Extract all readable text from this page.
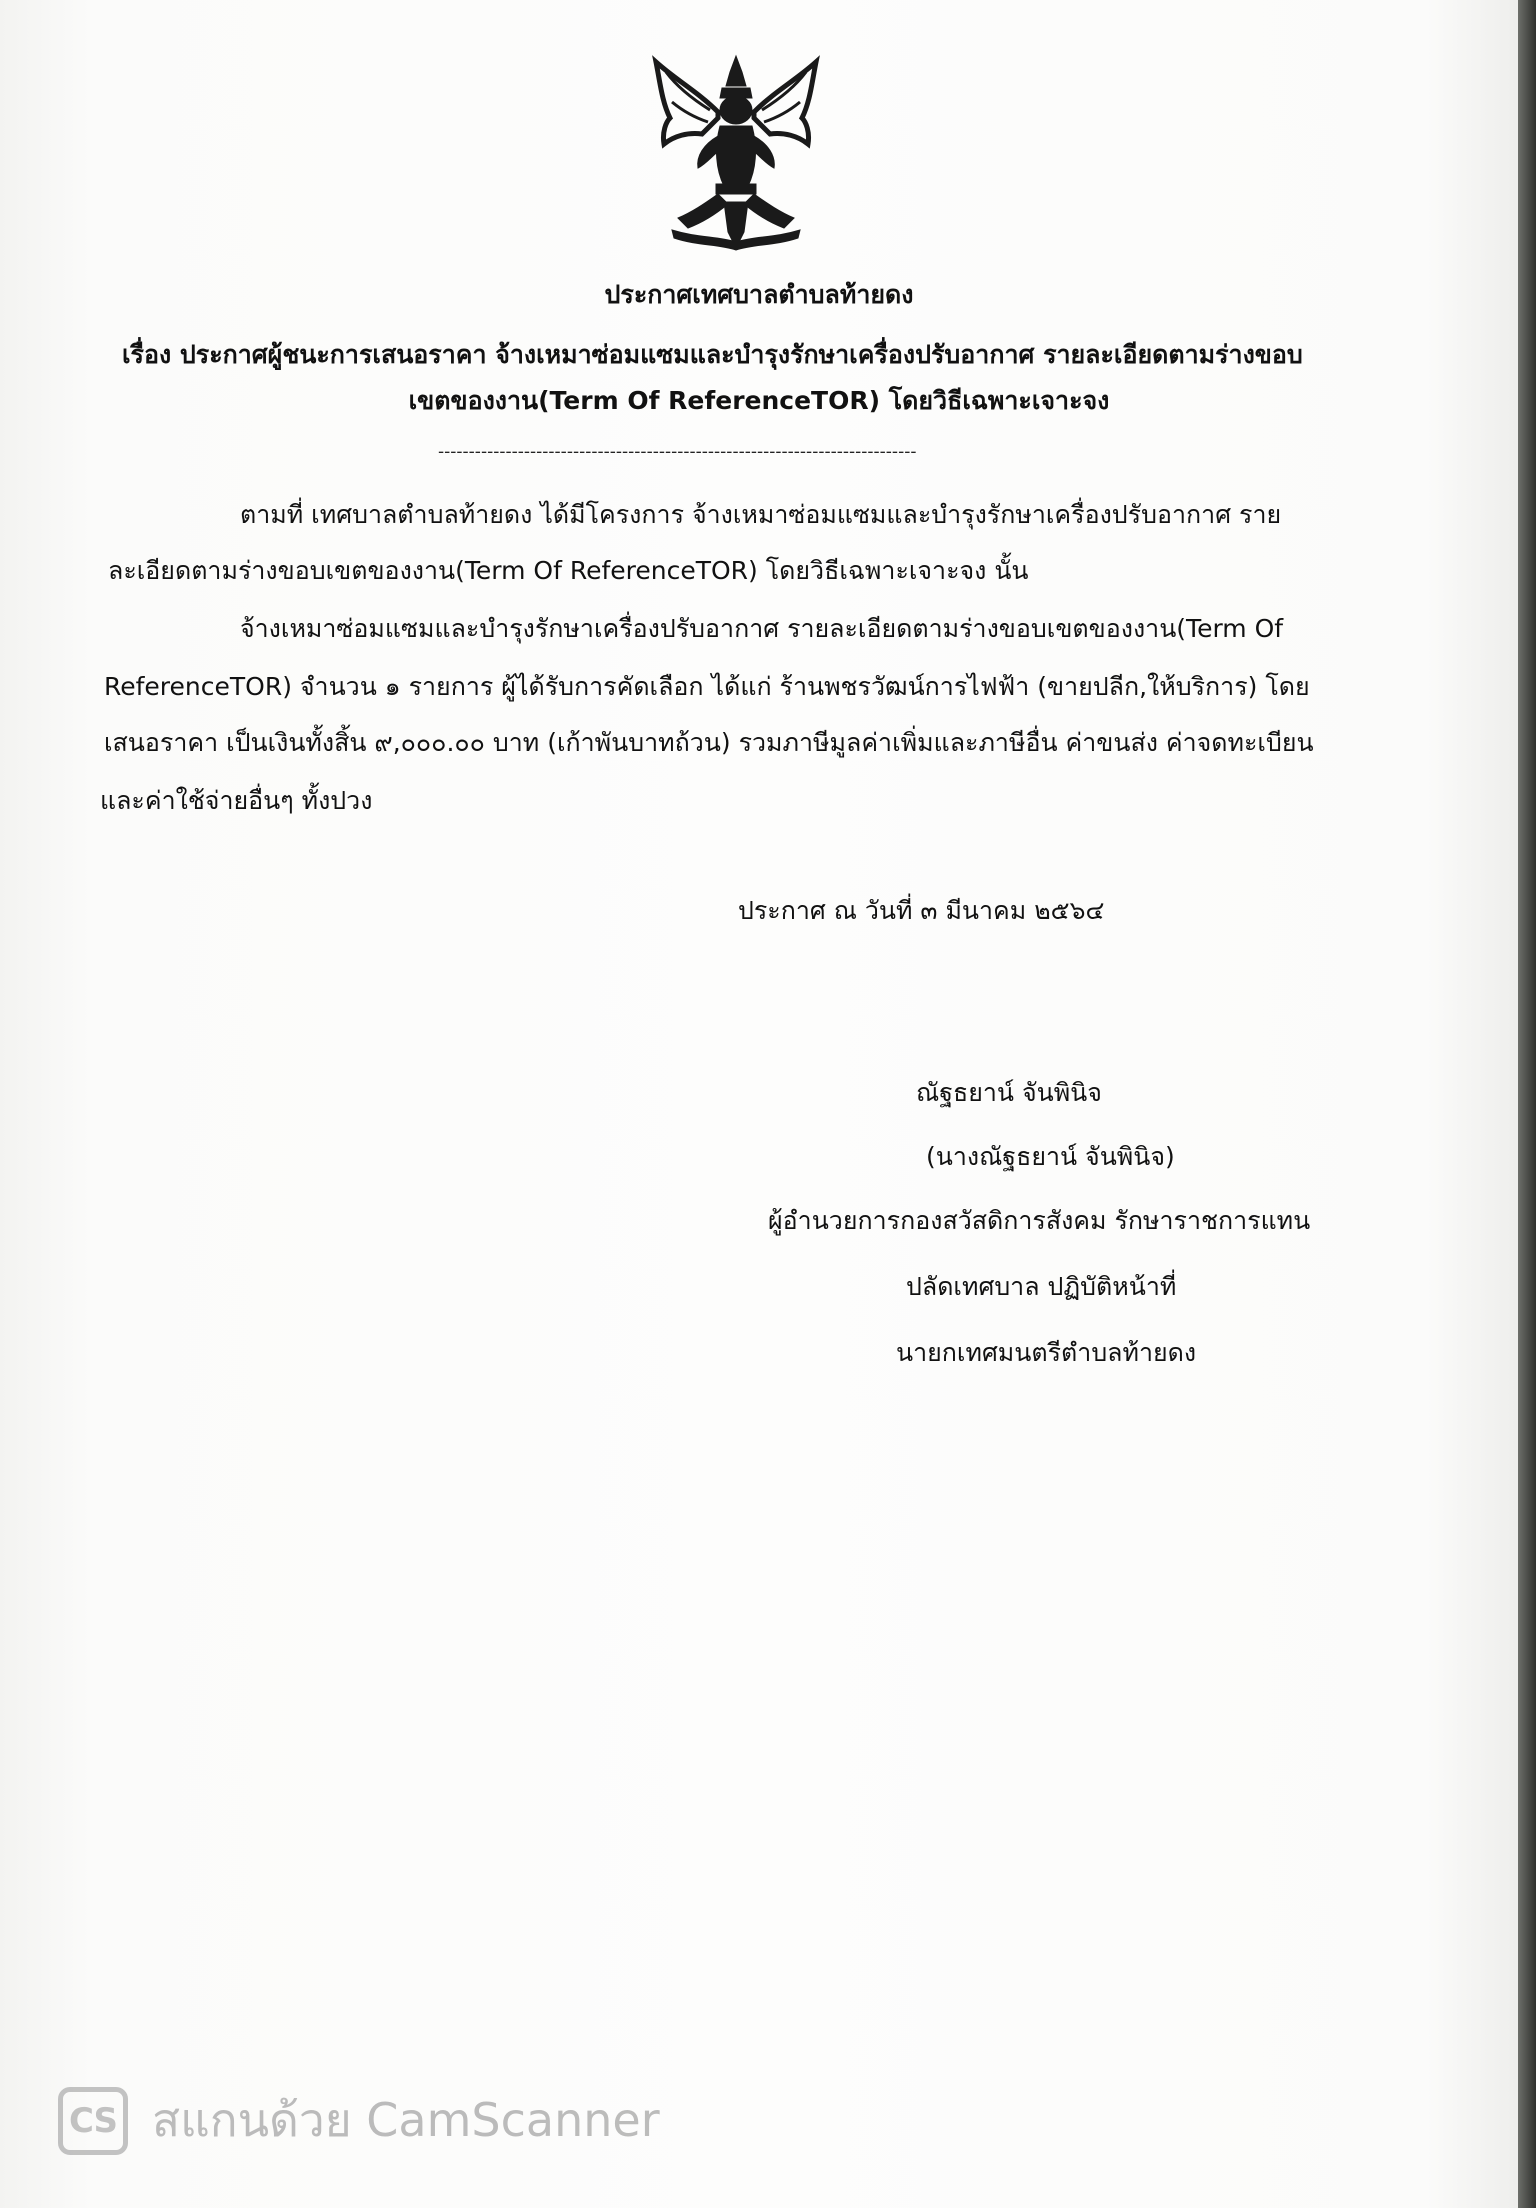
ประกาศเทศบาลตำบลท้ายดง
เรื่อง ประกาศผู้ชนะการเสนอราคา จ้างเหมาซ่อมแซมและบำรุงรักษาเครื่องปรับอากาศ รายละเอียดตามร่างขอบ
เขตของงาน(Term Of ReferenceTOR) โดยวิธีเฉพาะเจาะจง
------------------------------------------------------------------------------
ตามที่ เทศบาลตำบลท้ายดง ได้มีโครงการ จ้างเหมาซ่อมแซมและบำรุงรักษาเครื่องปรับอากาศ ราย
ละเอียดตามร่างขอบเขตของงาน(Term Of ReferenceTOR) โดยวิธีเฉพาะเจาะจง นั้น
จ้างเหมาซ่อมแซมและบำรุงรักษาเครื่องปรับอากาศ รายละเอียดตามร่างขอบเขตของงาน(Term Of
ReferenceTOR) จำนวน ๑ รายการ ผู้ได้รับการคัดเลือก ได้แก่ ร้านพชรวัฒน์การไฟฟ้า (ขายปลีก,ให้บริการ) โดย
เสนอราคา เป็นเงินทั้งสิ้น ๙,๐๐๐.๐๐ บาท (เก้าพันบาทถ้วน) รวมภาษีมูลค่าเพิ่มและภาษีอื่น ค่าขนส่ง ค่าจดทะเบียน
และค่าใช้จ่ายอื่นๆ ทั้งปวง
ประกาศ ณ วันที่ ๓ มีนาคม ๒๕๖๔
ณัฐธยาน์ จันพินิจ
(นางณัฐธยาน์ จันพินิจ)
ผู้อำนวยการกองสวัสดิการสังคม รักษาราชการแทน
ปลัดเทศบาล ปฏิบัติหน้าที่
นายกเทศมนตรีตำบลท้ายดง
CS สแกนด้วย CamScanner
